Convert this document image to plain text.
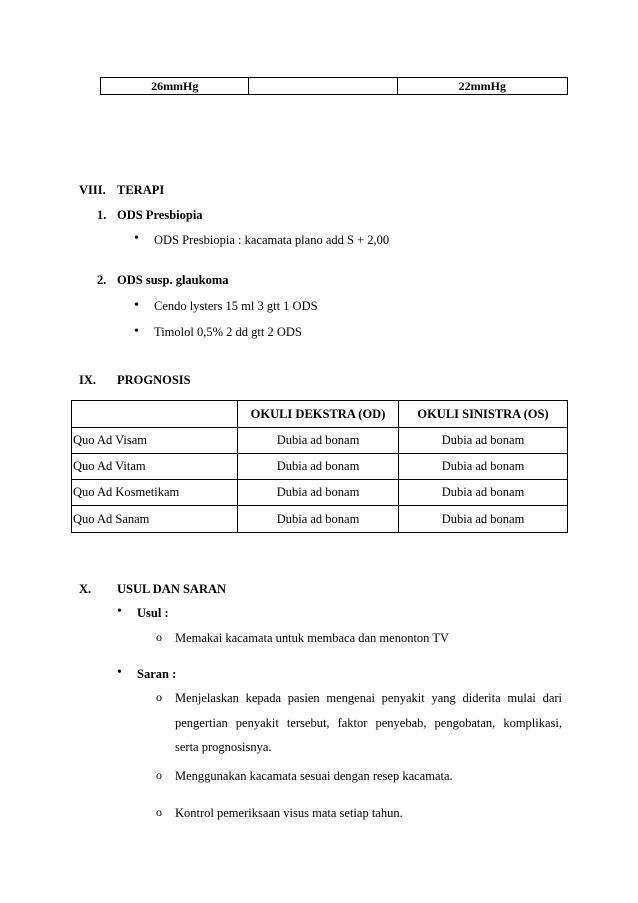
26mmHg		22mmHg
VIII. TERAPI
1. ODS Presbiopia
• ODS Presbiopia : kacamata plano add S + 2,00
2. ODS susp. glaukoma
• Cendo lysters 15 ml 3 gtt 1 ODS
• Timolol 0,5% 2 dd gtt 2 ODS
IX. PROGNOSIS
	OKULI DEKSTRA (OD)	OKULI SINISTRA (OS)
Quo Ad Visam	Dubia ad bonam	Dubia ad bonam
Quo Ad Vitam	Dubia ad bonam	Dubia ad bonam
Quo Ad Kosmetikam	Dubia ad bonam	Dubia ad bonam
Quo Ad Sanam	Dubia ad bonam	Dubia ad bonam
X. USUL DAN SARAN
• Usul :
o Memakai kacamata untuk membaca dan menonton TV
• Saran :
o Menjelaskan kepada pasien mengenai penyakit yang diderita mulai dari
pengertian penyakit tersebut, faktor penyebab, pengobatan, komplikasi,
serta prognosisnya.
o Menggunakan kacamata sesuai dengan resep kacamata.
o Kontrol pemeriksaan visus mata setiap tahun.
